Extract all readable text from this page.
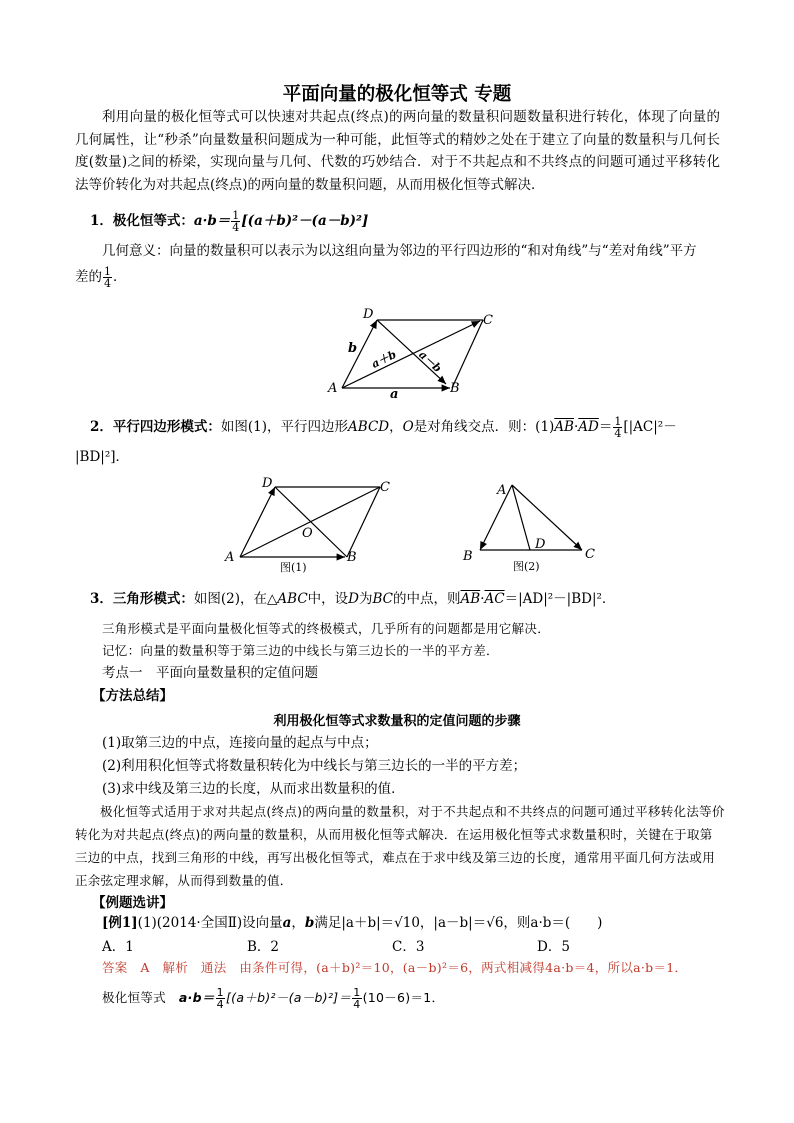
平面向量的极化恒等式 专题
利用向量的极化恒等式可以快速对共起点(终点)的两向量的数量积问题数量积进行转化，体现了向量的几何属性，让“秒杀”向量数量积问题成为一种可能，此恒等式的精妙之处在于建立了向量的数量积与几何长度(数量)之间的桥梁，实现向量与几何、代数的巧妙结合．对于不共起点和不共终点的问题可通过平移转化法等价转化为对共起点(终点)的两向量的数量积问题，从而用极化恒等式解决．
1．极化恒等式：$a\cdot b= \frac{1}{4} [(a+b)^2-(a-b)^2]$
几何意义：向量的数量积可以表示为以这组向量为邻边的平行四边形的“和对角线”与“差对角线”平方
差的 $\frac{1}{4}$ ．
A	B
C
D
a
b a＋b a－b
2．平行四边形模式：如图(1)，平行四边形ABCD，O是对角线交点．则：$(1)\overline{AB}\cdot\overline{AD}= \frac{1}{4} [|AC|^2-$
|BD|²]．
A	B
C
D
O
图(1)
A
B	C
D
图(2)
3．三角形模式：如图(2)，在△ABC中，设D为BC的中点，则$\overline{AB}\cdot\overline{AC}=|AD|^2-|BD|^2$．
三角形模式是平面向量极化恒等式的终极模式，几乎所有的问题都是用它解决．
记忆：向量的数量积等于第三边的中线长与第三边长的一半的平方差．
考点一　平面向量数量积的定值问题
【方法总结】
利用极化恒等式求数量积的定值问题的步骤
(1)取第三边的中点，连接向量的起点与中点；
(2)利用积化恒等式将数量积转化为中线长与第三边长的一半的平方差；
(3)求中线及第三边的长度，从而求出数量积的值．
极化恒等式适用于求对共起点(终点)的两向量的数量积，对于不共起点和不共终点的问题可通过平移转化法等价转化为对共起点(终点)的两向量的数量积，从而用极化恒等式解决．在运用极化恒等式求数量积时，关键在于取第三边的中点，找到三角形的中线，再写出极化恒等式，难点在于求中线及第三边的长度，通常用平面几何方法或用正余弦定理求解，从而得到数量的值．
【例题选讲】
[例1](1)(2014·全国Ⅱ)设向量a，b满足|a＋b|＝√10，|a－b|＝√6，则a·b＝(　　)
A．1	B．2	C．3	D．5
答案　A　解析　通法　由条件可得，(a＋b)²＝10，(a－b)²＝6，两式相减得4a·b＝4，所以a·b＝1．
极化恒等式　$a\cdot b= \frac{1}{4} [(a+b)^2-(a-b)^2]= \frac{1}{4} (10-6)=1$．
